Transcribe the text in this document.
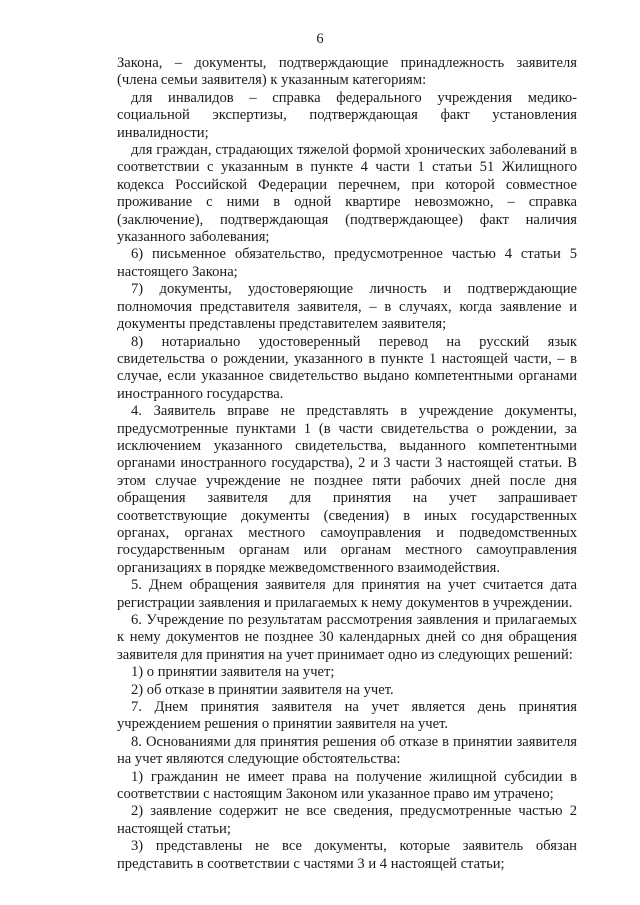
6

Закона, – документы, подтверждающие принадлежность заявителя (члена семьи заявителя) к указанным категориям:

для инвалидов – справка федерального учреждения медико-социальной экспертизы, подтверждающая факт установления инвалидности;

для граждан, страдающих тяжелой формой хронических заболеваний в соответствии с указанным в пункте 4 части 1 статьи 51 Жилищного кодекса Российской Федерации перечнем, при которой совместное проживание с ними в одной квартире невозможно, – справка (заключение), подтверждающая (подтверждающее) факт наличия указанного заболевания;

6) письменное обязательство, предусмотренное частью 4 статьи 5 настоящего Закона;

7) документы, удостоверяющие личность и подтверждающие полномочия представителя заявителя, – в случаях, когда заявление и документы представлены представителем заявителя;

8) нотариально удостоверенный перевод на русский язык свидетельства о рождении, указанного в пункте 1 настоящей части, – в случае, если указанное свидетельство выдано компетентными органами иностранного государства.

4. Заявитель вправе не представлять в учреждение документы, предусмотренные пунктами 1 (в части свидетельства о рождении, за исключением указанного свидетельства, выданного компетентными органами иностранного государства), 2 и 3 части 3 настоящей статьи. В этом случае учреждение не позднее пяти рабочих дней после дня обращения заявителя для принятия на учет запрашивает соответствующие документы (сведения) в иных государственных органах, органах местного самоуправления и подведомственных государственным органам или органам местного самоуправления организациях в порядке межведомственного взаимодействия.

5. Днем обращения заявителя для принятия на учет считается дата регистрации заявления и прилагаемых к нему документов в учреждении.

6. Учреждение по результатам рассмотрения заявления и прилагаемых к нему документов не позднее 30 календарных дней со дня обращения заявителя для принятия на учет принимает одно из следующих решений:

1) о принятии заявителя на учет;

2) об отказе в принятии заявителя на учет.

7. Днем принятия заявителя на учет является день принятия учреждением решения о принятии заявителя на учет.

8. Основаниями для принятия решения об отказе в принятии заявителя на учет являются следующие обстоятельства:

1) гражданин не имеет права на получение жилищной субсидии в соответствии с настоящим Законом или указанное право им утрачено;

2) заявление содержит не все сведения, предусмотренные частью 2 настоящей статьи;

3) представлены не все документы, которые заявитель обязан представить в соответствии с частями 3 и 4 настоящей статьи;
